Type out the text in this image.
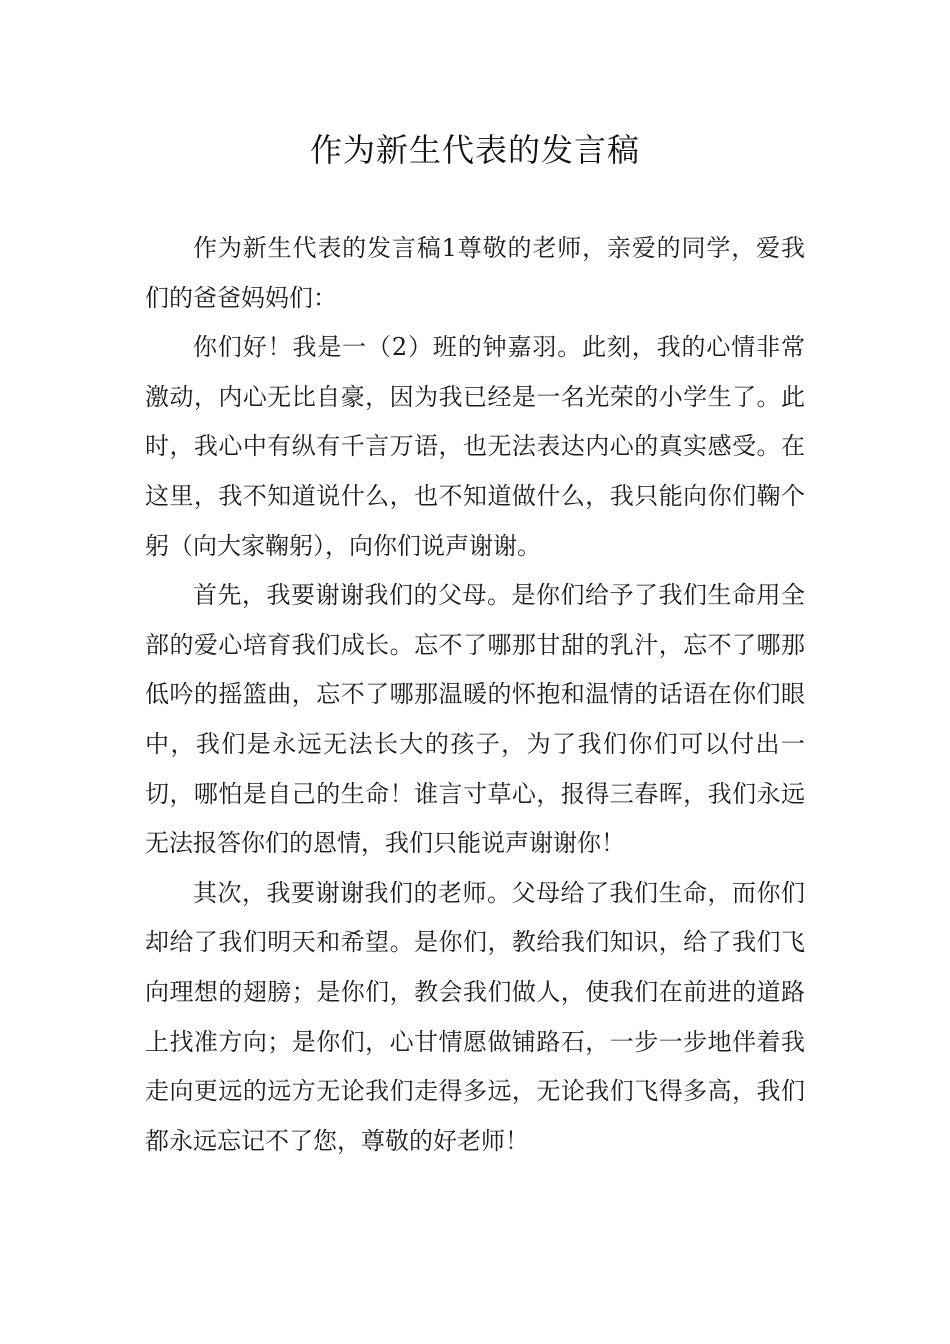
作为新生代表的发言稿

作为新生代表的发言稿1尊敬的老师，亲爱的同学，爱我们的爸爸妈妈们：

你们好！我是一（2）班的钟嘉羽。此刻，我的心情非常激动，内心无比自豪，因为我已经是一名光荣的小学生了。此时，我心中有纵有千言万语，也无法表达内心的真实感受。在这里，我不知道说什么，也不知道做什么，我只能向你们鞠个躬（向大家鞠躬），向你们说声谢谢。

首先，我要谢谢我们的父母。是你们给予了我们生命用全部的爱心培育我们成长。忘不了哪那甘甜的乳汁，忘不了哪那低吟的摇篮曲，忘不了哪那温暖的怀抱和温情的话语在你们眼中，我们是永远无法长大的孩子，为了我们你们可以付出一切，哪怕是自己的生命！谁言寸草心，报得三春晖，我们永远无法报答你们的恩情，我们只能说声谢谢你！

其次，我要谢谢我们的老师。父母给了我们生命，而你们却给了我们明天和希望。是你们，教给我们知识，给了我们飞向理想的翅膀；是你们，教会我们做人，使我们在前进的道路上找准方向；是你们，心甘情愿做铺路石，一步一步地伴着我走向更远的远方无论我们走得多远，无论我们飞得多高，我们都永远忘记不了您，尊敬的好老师！
